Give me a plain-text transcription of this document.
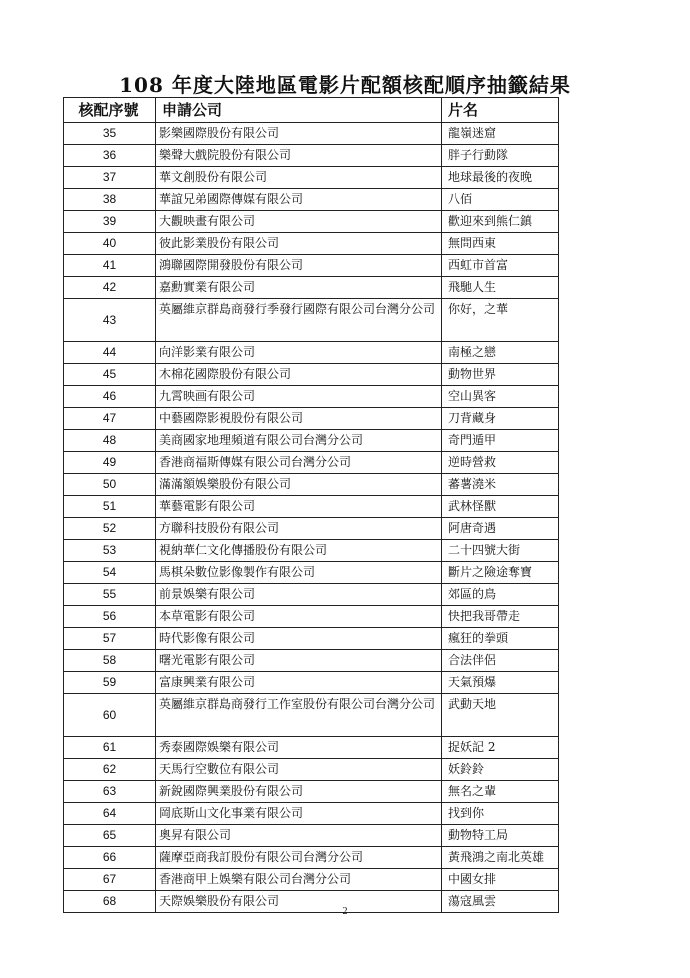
108 年度大陸地區電影片配額核配順序抽籤結果
核配序號	申請公司	片名
35	影樂國際股份有限公司	龍嶺迷窟
36	樂聲大戲院股份有限公司	胖子行動隊
37	華文創股份有限公司	地球最後的夜晚
38	華誼兄弟國際傳媒有限公司	八佰
39	大觀映畫有限公司	歡迎來到熊仁鎮
40	彼此影業股份有限公司	無問西東
41	鴻聯國際開發股份有限公司	西虹市首富
42	嘉勳實業有限公司	飛馳人生
43	英屬維京群島商發行季發行國際有限公司台灣分公司	你好，之華
44	向洋影業有限公司	南極之戀
45	木棉花國際股份有限公司	動物世界
46	九霄映画有限公司	空山異客
47	中藝國際影視股份有限公司	刀背藏身
48	美商國家地理頻道有限公司台灣分公司	奇門遁甲
49	香港商福斯傳媒有限公司台灣分公司	逆時營救
50	滿滿額娛樂股份有限公司	蕃薯澆米
51	華藝電影有限公司	武林怪獸
52	方聯科技股份有限公司	阿唐奇遇
53	視納華仁文化傳播股份有限公司	二十四號大街
54	馬棋朵數位影像製作有限公司	斷片之險途奪寶
55	前景娛樂有限公司	郊區的鳥
56	本草電影有限公司	快把我哥帶走
57	時代影像有限公司	瘋狂的拳頭
58	曙光電影有限公司	合法伴侶
59	富康興業有限公司	天氣預爆
60	英屬維京群島商發行工作室股份有限公司台灣分公司	武動天地
61	秀泰國際娛樂有限公司	捉妖記 2
62	天馬行空數位有限公司	妖鈴鈴
63	新銳國際興業股份有限公司	無名之輩
64	岡底斯山文化事業有限公司	找到你
65	奧昇有限公司	動物特工局
66	薩摩亞商我訂股份有限公司台灣分公司	黃飛鴻之南北英雄
67	香港商甲上娛樂有限公司台灣分公司	中國女排
68	天際娛樂股份有限公司	蕩寇風雲
2
